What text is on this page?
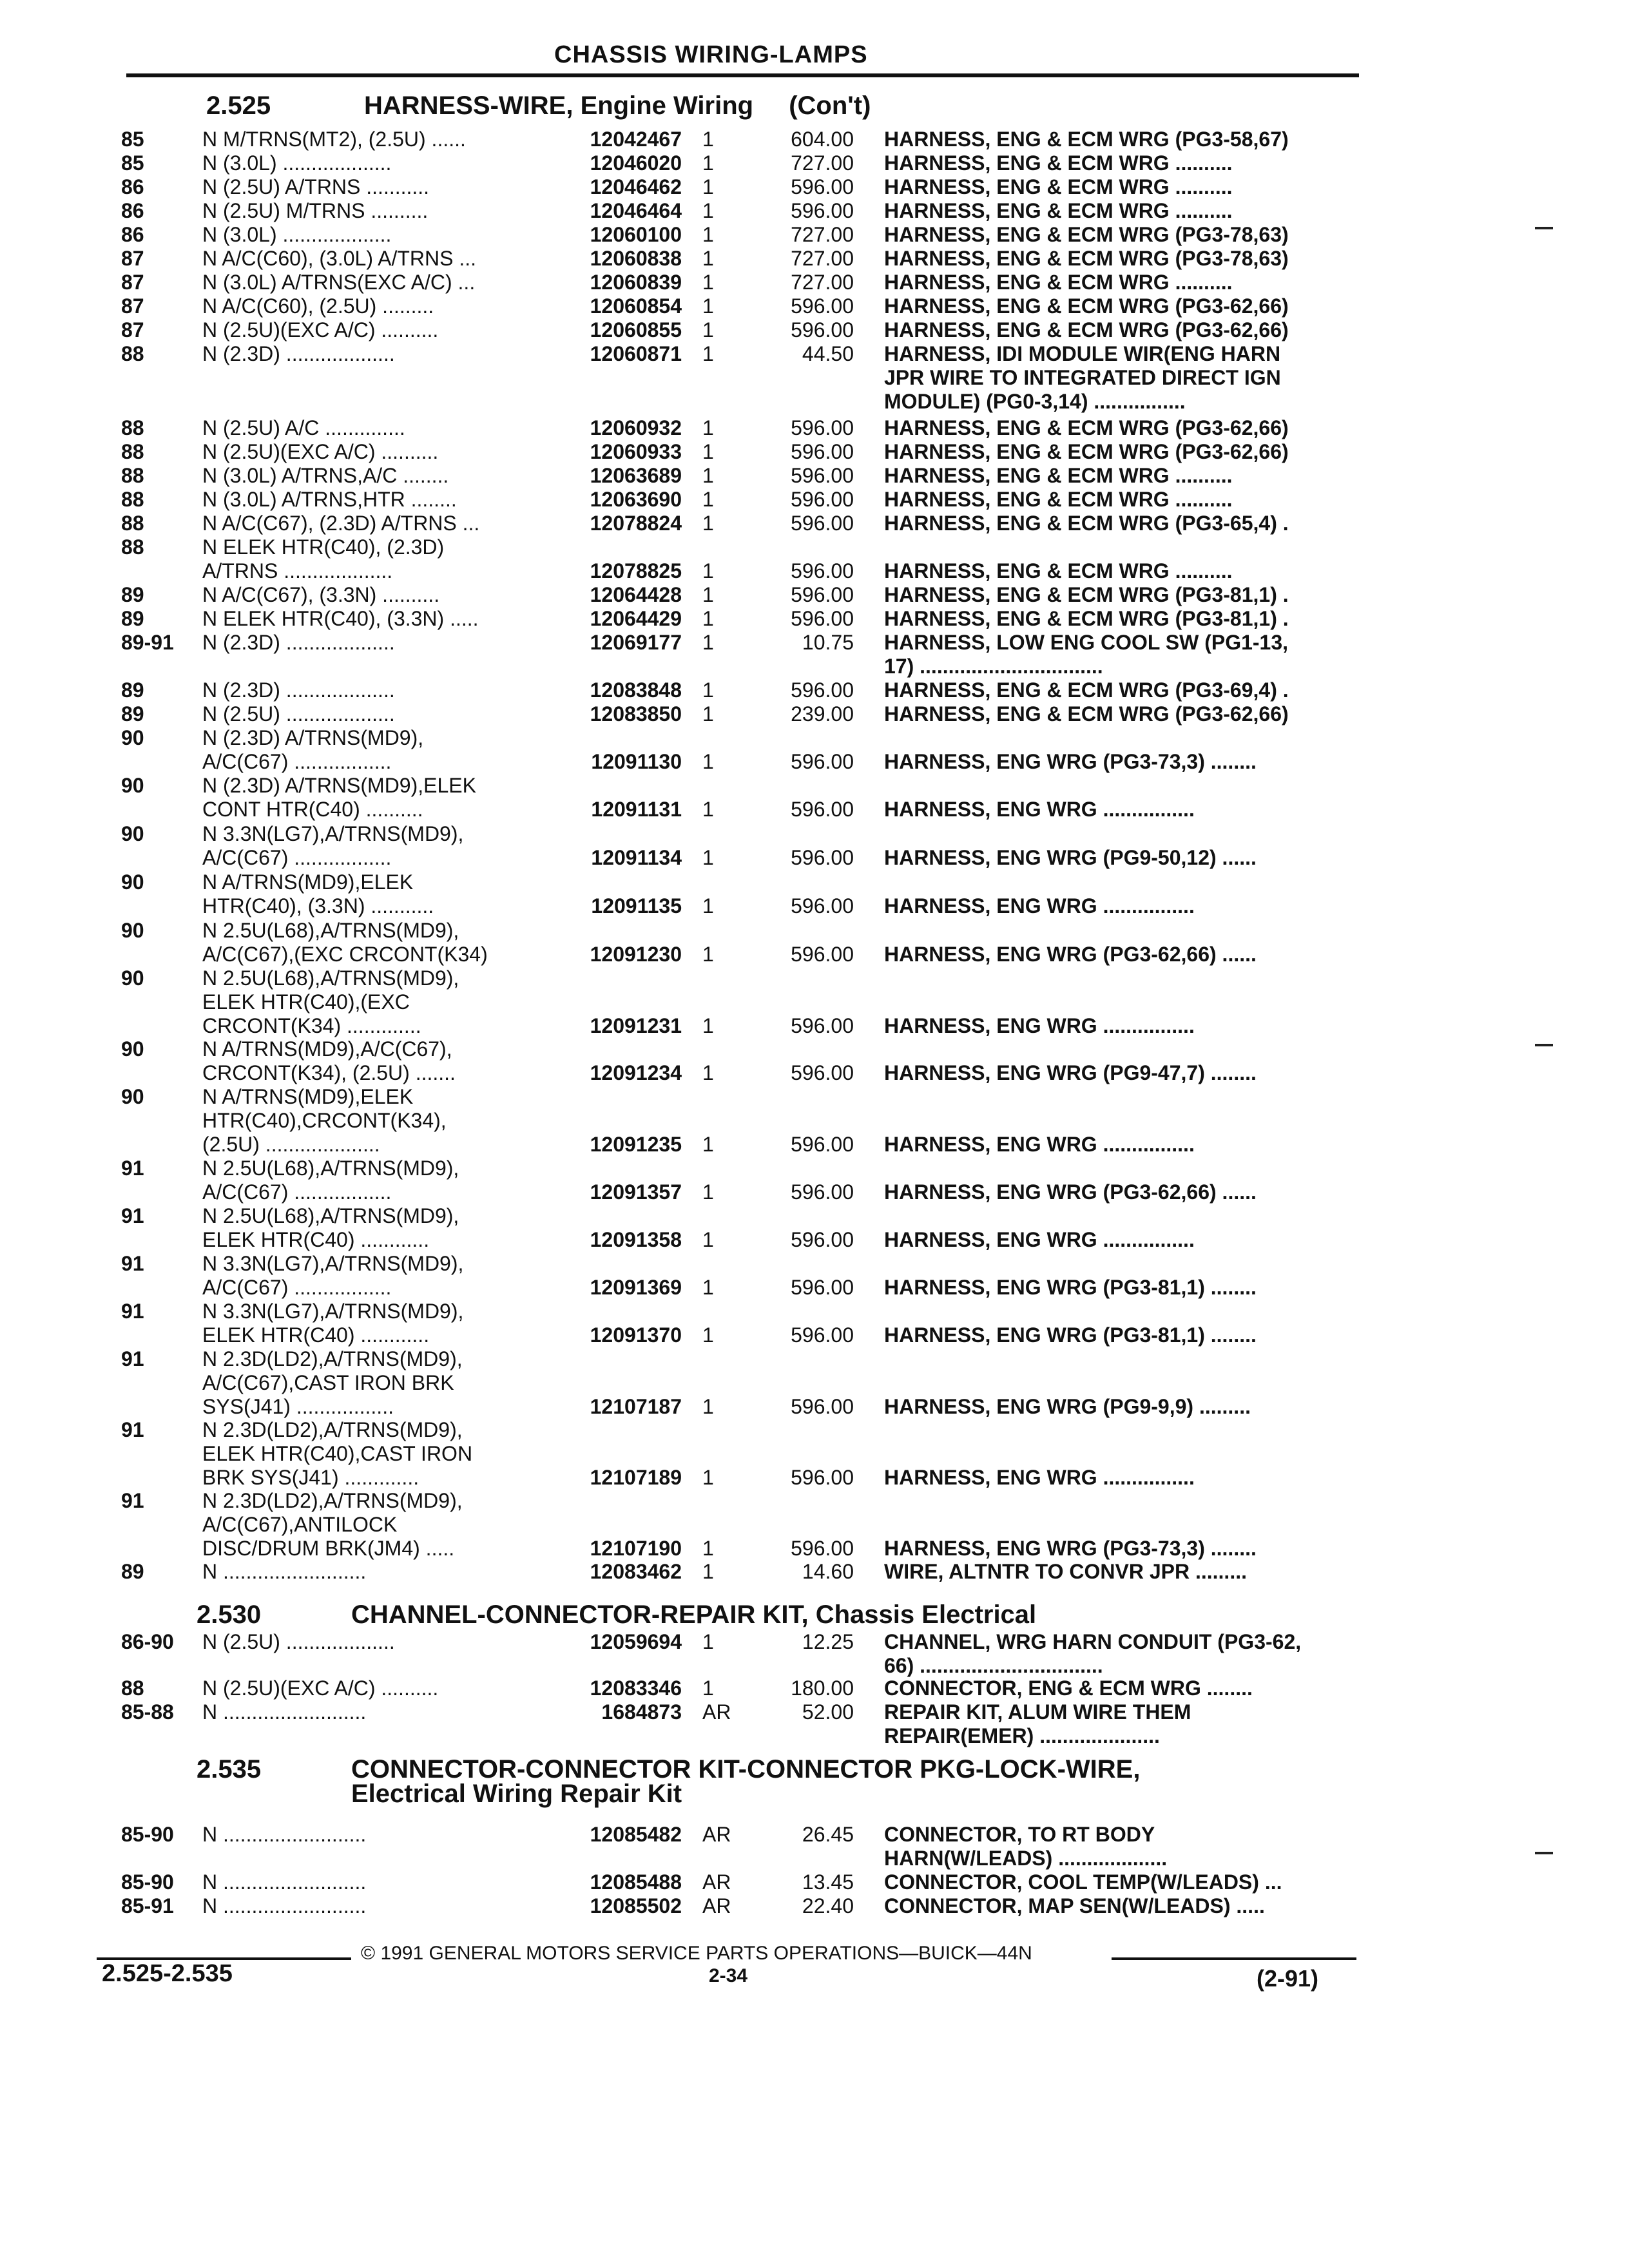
CHASSIS WIRING-LAMPS
2.525	HARNESS-WIRE, Engine Wiring (Con't)
2.530	CHANNEL-CONNECTOR-REPAIR KIT, Chassis Electrical
2.535	CONNECTOR-CONNECTOR KIT-CONNECTOR PKG-LOCK-WIRE,
Electrical Wiring Repair Kit
85	N M/TRNS(MT2), (2.5U) ......	12042467 1	604.00 HARNESS, ENG & ECM WRG (PG3-58,67)
85	N (3.0L) ...................	12046020 1	727.00 HARNESS, ENG & ECM WRG ..........
86	N (2.5U) A/TRNS ...........	12046462 1	596.00 HARNESS, ENG & ECM WRG ..........
86	N (2.5U) M/TRNS ..........	12046464 1	596.00 HARNESS, ENG & ECM WRG ..........
86	N (3.0L) ...................	12060100 1	727.00 HARNESS, ENG & ECM WRG (PG3-78,63)
87	N A/C(C60), (3.0L) A/TRNS ...	12060838 1	727.00 HARNESS, ENG & ECM WRG (PG3-78,63)
87	N (3.0L) A/TRNS(EXC A/C) ...	12060839 1	727.00 HARNESS, ENG & ECM WRG ..........
87	N A/C(C60), (2.5U) .........	12060854 1	596.00 HARNESS, ENG & ECM WRG (PG3-62,66)
87	N (2.5U)(EXC A/C) ..........	12060855 1	596.00 HARNESS, ENG & ECM WRG (PG3-62,66)
88	N (2.3D) ...................	12060871 1	44.50 HARNESS, IDI MODULE WIR(ENG HARN
JPR WIRE TO INTEGRATED DIRECT IGN
MODULE) (PG0-3,14) ................
88	N (2.5U) A/C ..............	12060932 1	596.00 HARNESS, ENG & ECM WRG (PG3-62,66)
88	N (2.5U)(EXC A/C) ..........	12060933 1	596.00 HARNESS, ENG & ECM WRG (PG3-62,66)
88	N (3.0L) A/TRNS,A/C ........	12063689 1	596.00 HARNESS, ENG & ECM WRG ..........
88	N (3.0L) A/TRNS,HTR ........	12063690 1	596.00 HARNESS, ENG & ECM WRG ..........
88	N A/C(C67), (2.3D) A/TRNS ...	12078824 1	596.00 HARNESS, ENG & ECM WRG (PG3-65,4) .
88	N ELEK HTR(C40), (2.3D)
A/TRNS ...................	12078825 1	596.00 HARNESS, ENG & ECM WRG ..........
89	N A/C(C67), (3.3N) ..........	12064428 1	596.00 HARNESS, ENG & ECM WRG (PG3-81,1) .
89	N ELEK HTR(C40), (3.3N) .....	12064429 1	596.00 HARNESS, ENG & ECM WRG (PG3-81,1) .
89-91 N (2.3D) ...................	12069177 1	10.75 HARNESS, LOW ENG COOL SW (PG1-13,
17) ................................
89	N (2.3D) ...................	12083848 1	596.00 HARNESS, ENG & ECM WRG (PG3-69,4) .
89	N (2.5U) ...................	12083850 1	239.00 HARNESS, ENG & ECM WRG (PG3-62,66)
90	N (2.3D) A/TRNS(MD9),
A/C(C67) .................	12091130 1	596.00 HARNESS, ENG WRG (PG3-73,3) ........
90	N (2.3D) A/TRNS(MD9),ELEK
CONT HTR(C40) ..........	12091131 1	596.00 HARNESS, ENG WRG ................
90	N 3.3N(LG7),A/TRNS(MD9),
A/C(C67) .................	12091134 1	596.00 HARNESS, ENG WRG (PG9-50,12) ......
90	N A/TRNS(MD9),ELEK
HTR(C40), (3.3N) ...........	12091135 1	596.00 HARNESS, ENG WRG ................
90	N 2.5U(L68),A/TRNS(MD9),
A/C(C67),(EXC CRCONT(K34)	12091230 1	596.00 HARNESS, ENG WRG (PG3-62,66) ......
90	N 2.5U(L68),A/TRNS(MD9),
ELEK HTR(C40),(EXC
CRCONT(K34) .............	12091231 1	596.00 HARNESS, ENG WRG ................
90	N A/TRNS(MD9),A/C(C67),
CRCONT(K34), (2.5U) .......	12091234 1	596.00 HARNESS, ENG WRG (PG9-47,7) ........
90	N A/TRNS(MD9),ELEK
HTR(C40),CRCONT(K34),
(2.5U) ....................	12091235 1	596.00 HARNESS, ENG WRG ................
91	N 2.5U(L68),A/TRNS(MD9),
A/C(C67) .................	12091357 1	596.00 HARNESS, ENG WRG (PG3-62,66) ......
91	N 2.5U(L68),A/TRNS(MD9),
ELEK HTR(C40) ............	12091358 1	596.00 HARNESS, ENG WRG ................
91	N 3.3N(LG7),A/TRNS(MD9),
A/C(C67) .................	12091369 1	596.00 HARNESS, ENG WRG (PG3-81,1) ........
91	N 3.3N(LG7),A/TRNS(MD9),
ELEK HTR(C40) ............	12091370 1	596.00 HARNESS, ENG WRG (PG3-81,1) ........
91	N 2.3D(LD2),A/TRNS(MD9),
A/C(C67),CAST IRON BRK
SYS(J41) .................	12107187 1	596.00 HARNESS, ENG WRG (PG9-9,9) .........
91	N 2.3D(LD2),A/TRNS(MD9),
ELEK HTR(C40),CAST IRON
BRK SYS(J41) .............	12107189 1	596.00 HARNESS, ENG WRG ................
91	N 2.3D(LD2),A/TRNS(MD9),
A/C(C67),ANTILOCK
DISC/DRUM BRK(JM4) .....	12107190 1	596.00 HARNESS, ENG WRG (PG3-73,3) ........
89	N .........................	12083462 1	14.60 WIRE, ALTNTR TO CONVR JPR .........
86-90 N (2.5U) ...................	12059694 1	12.25 CHANNEL, WRG HARN CONDUIT (PG3-62,
66) ................................
88	N (2.5U)(EXC A/C) ..........	12083346 1	180.00 CONNECTOR, ENG & ECM WRG ........
85-88 N .........................	1684873 AR	52.00 REPAIR KIT, ALUM WIRE THEM
REPAIR(EMER) .....................
85-90 N .........................	12085482 AR	26.45 CONNECTOR, TO RT BODY
HARN(W/LEADS) ...................
85-90 N .........................	12085488 AR	13.45 CONNECTOR, COOL TEMP(W/LEADS) ...
85-91 N .........................	12085502 AR	22.40 CONNECTOR, MAP SEN(W/LEADS) .....
© 1991 GENERAL MOTORS SERVICE PARTS OPERATIONS—BUICK—44N
2.525-2.535	2-34	(2-91)
